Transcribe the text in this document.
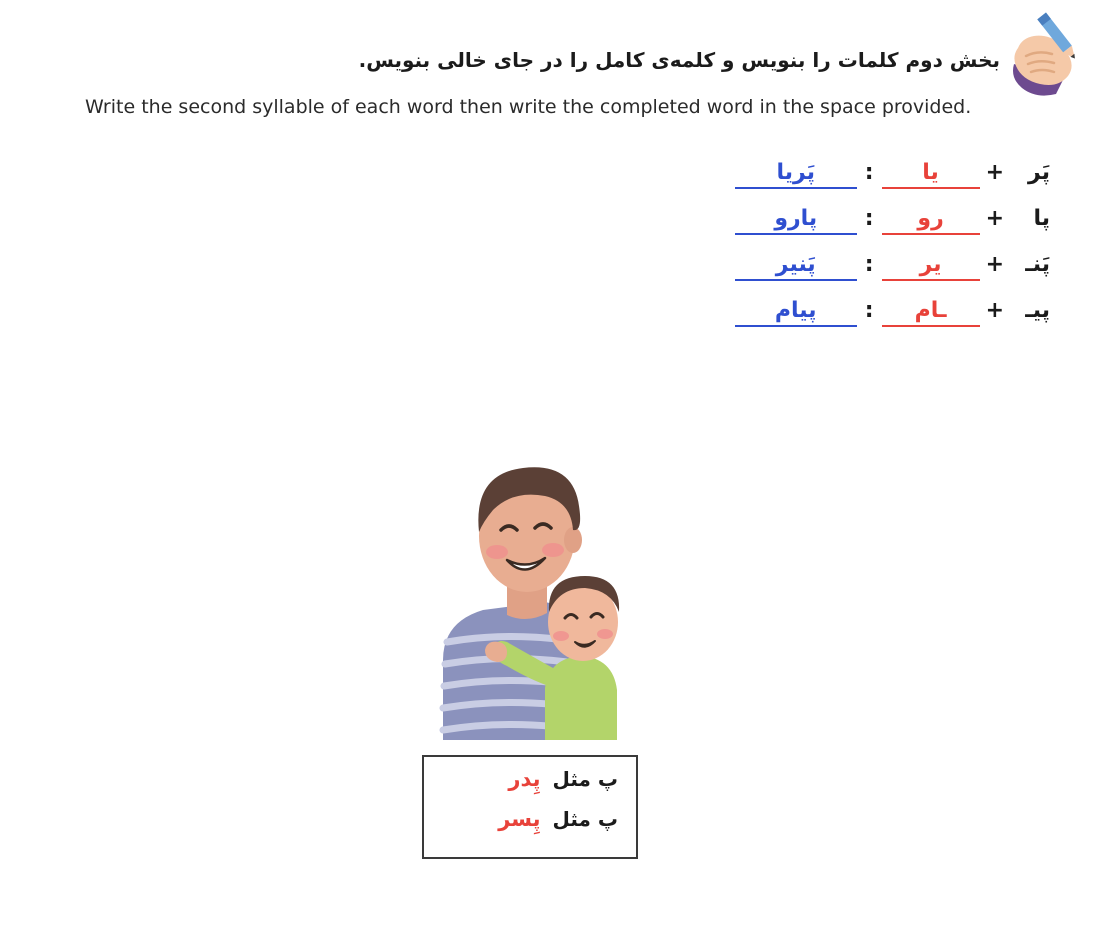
بخش دوم کلمات را بنویس و کلمه‌ی کامل را در جای خالی بنویس.
Write the second syllable of each word then write the completed word in the space provided.
پَر
+
یا
:
پَریا
پا
+
رو
:
پارو
پَنـ
+
یر
:
پَنیر
پیـ
+
ـام
:
پیام
پ مثل
پِدر
پ مثل
پِسر
